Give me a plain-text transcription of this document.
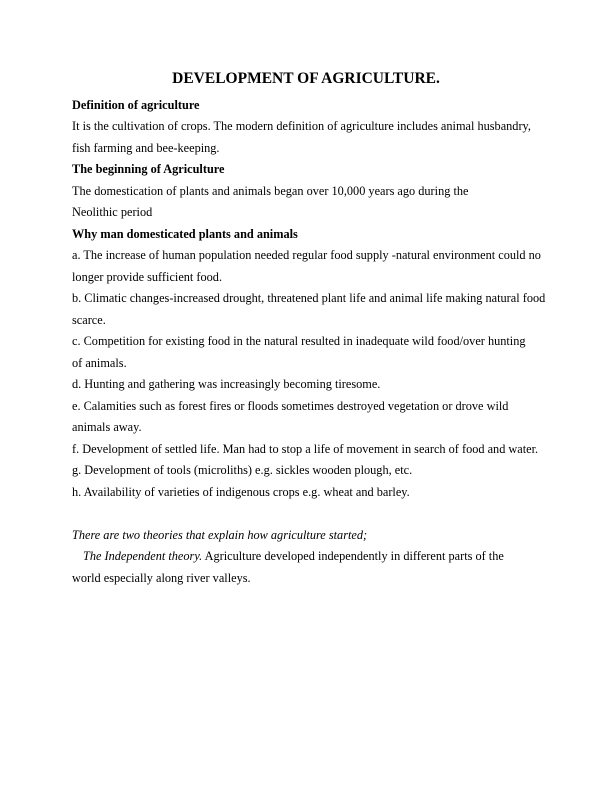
DEVELOPMENT OF AGRICULTURE.
Definition of agriculture
It is the cultivation of crops. The modern definition of agriculture includes animal husbandry,
fish farming and bee-keeping.
The beginning of Agriculture
The domestication of plants and animals began over 10,000 years ago during the
Neolithic period
Why man domesticated plants and animals
a. The increase of human population needed regular food supply -natural environment could no
longer provide sufficient food.
b. Climatic changes-increased drought, threatened plant life and animal life making natural food
scarce.
c. Competition for existing food in the natural resulted in inadequate wild food/over hunting
of animals.
d. Hunting and gathering was increasingly becoming tiresome.
e. Calamities such as forest fires or floods sometimes destroyed vegetation or drove wild
animals away.
f. Development of settled life. Man had to stop a life of movement in search of food and water.
g. Development of tools (microliths) e.g. sickles wooden plough, etc.
h. Availability of varieties of indigenous crops e.g. wheat and barley.
There are two theories that explain how agriculture started;
The Independent theory. Agriculture developed independently in different parts of the
world especially along river valleys.
